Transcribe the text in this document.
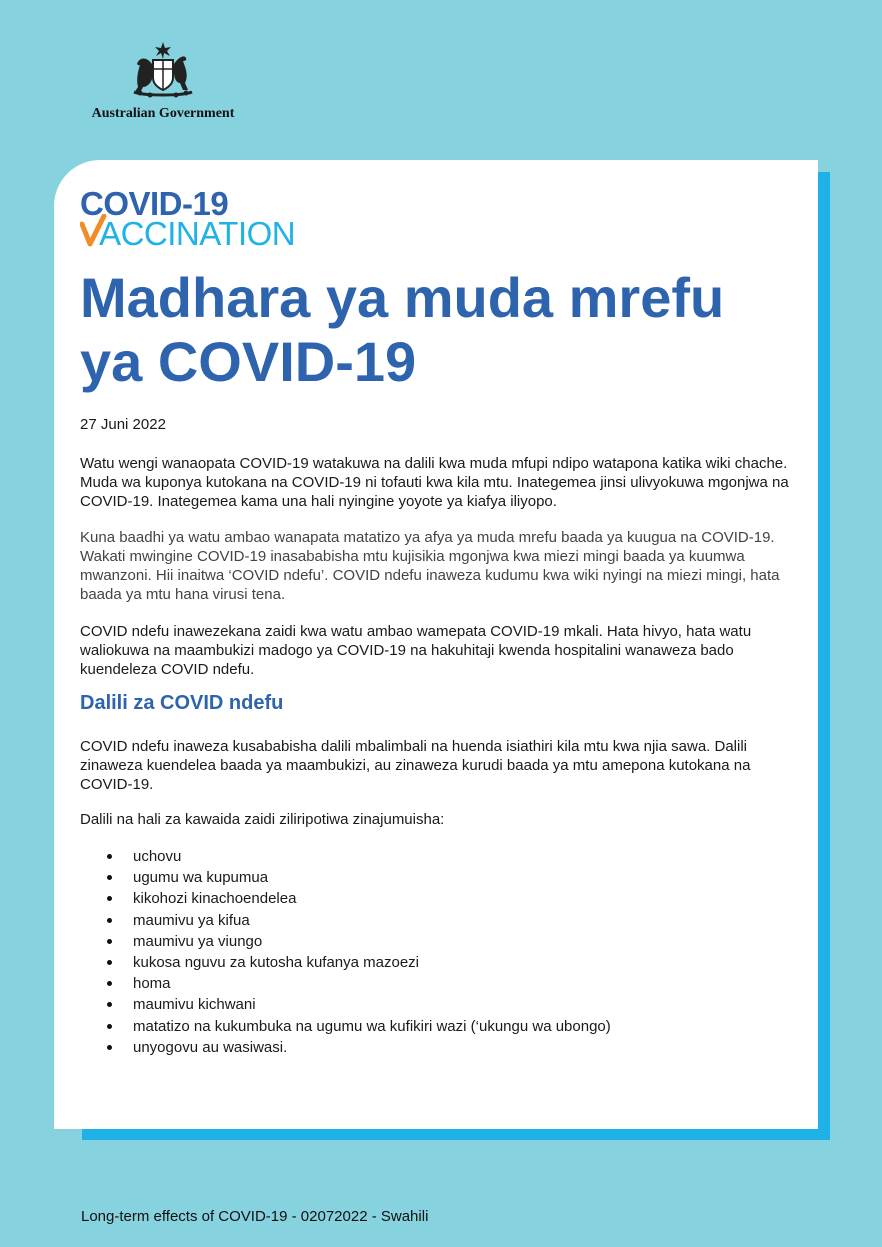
Australian Government
COVID-19
ACCINATION
Madhara ya muda mrefu ya COVID-19

27 Juni 2022

Watu wengi wanaopata COVID-19 watakuwa na dalili kwa muda mfupi ndipo watapona katika wiki chache. Muda wa kuponya kutokana na COVID-19 ni tofauti kwa kila mtu. Inategemea jinsi ulivyokuwa mgonjwa na COVID-19. Inategemea kama una hali nyingine yoyote ya kiafya iliyopo.

Kuna baadhi ya watu ambao wanapata matatizo ya afya ya muda mrefu baada ya kuugua na COVID-19. Wakati mwingine COVID-19 inasababisha mtu kujisikia mgonjwa kwa miezi mingi baada ya kuumwa mwanzoni. Hii inaitwa ‘COVID ndefu’. COVID ndefu inaweza kudumu kwa wiki nyingi na miezi mingi, hata baada ya mtu hana virusi tena.

COVID ndefu inawezekana zaidi kwa watu ambao wamepata COVID-19 mkali. Hata hivyo, hata watu waliokuwa na maambukizi madogo ya COVID-19 na hakuhitaji kwenda hospitalini wanaweza bado kuendeleza COVID ndefu.

Dalili za COVID ndefu

COVID ndefu inaweza kusababisha dalili mbalimbali na huenda isiathiri kila mtu kwa njia sawa. Dalili zinaweza kuendelea baada ya maambukizi, au zinaweza kurudi baada ya mtu amepona kutokana na COVID-19.

Dalili na hali za kawaida zaidi ziliripotiwa zinajumuisha:

uchovu
ugumu wa kupumua
kikohozi kinachoendelea
maumivu ya kifua
maumivu ya viungo
kukosa nguvu za kutosha kufanya mazoezi
homa
maumivu kichwani
matatizo na kukumbuka na ugumu wa kufikiri wazi (‘ukungu wa ubongo)
unyogovu au wasiwasi.

Long-term effects of COVID-19 - 02072022 - Swahili
